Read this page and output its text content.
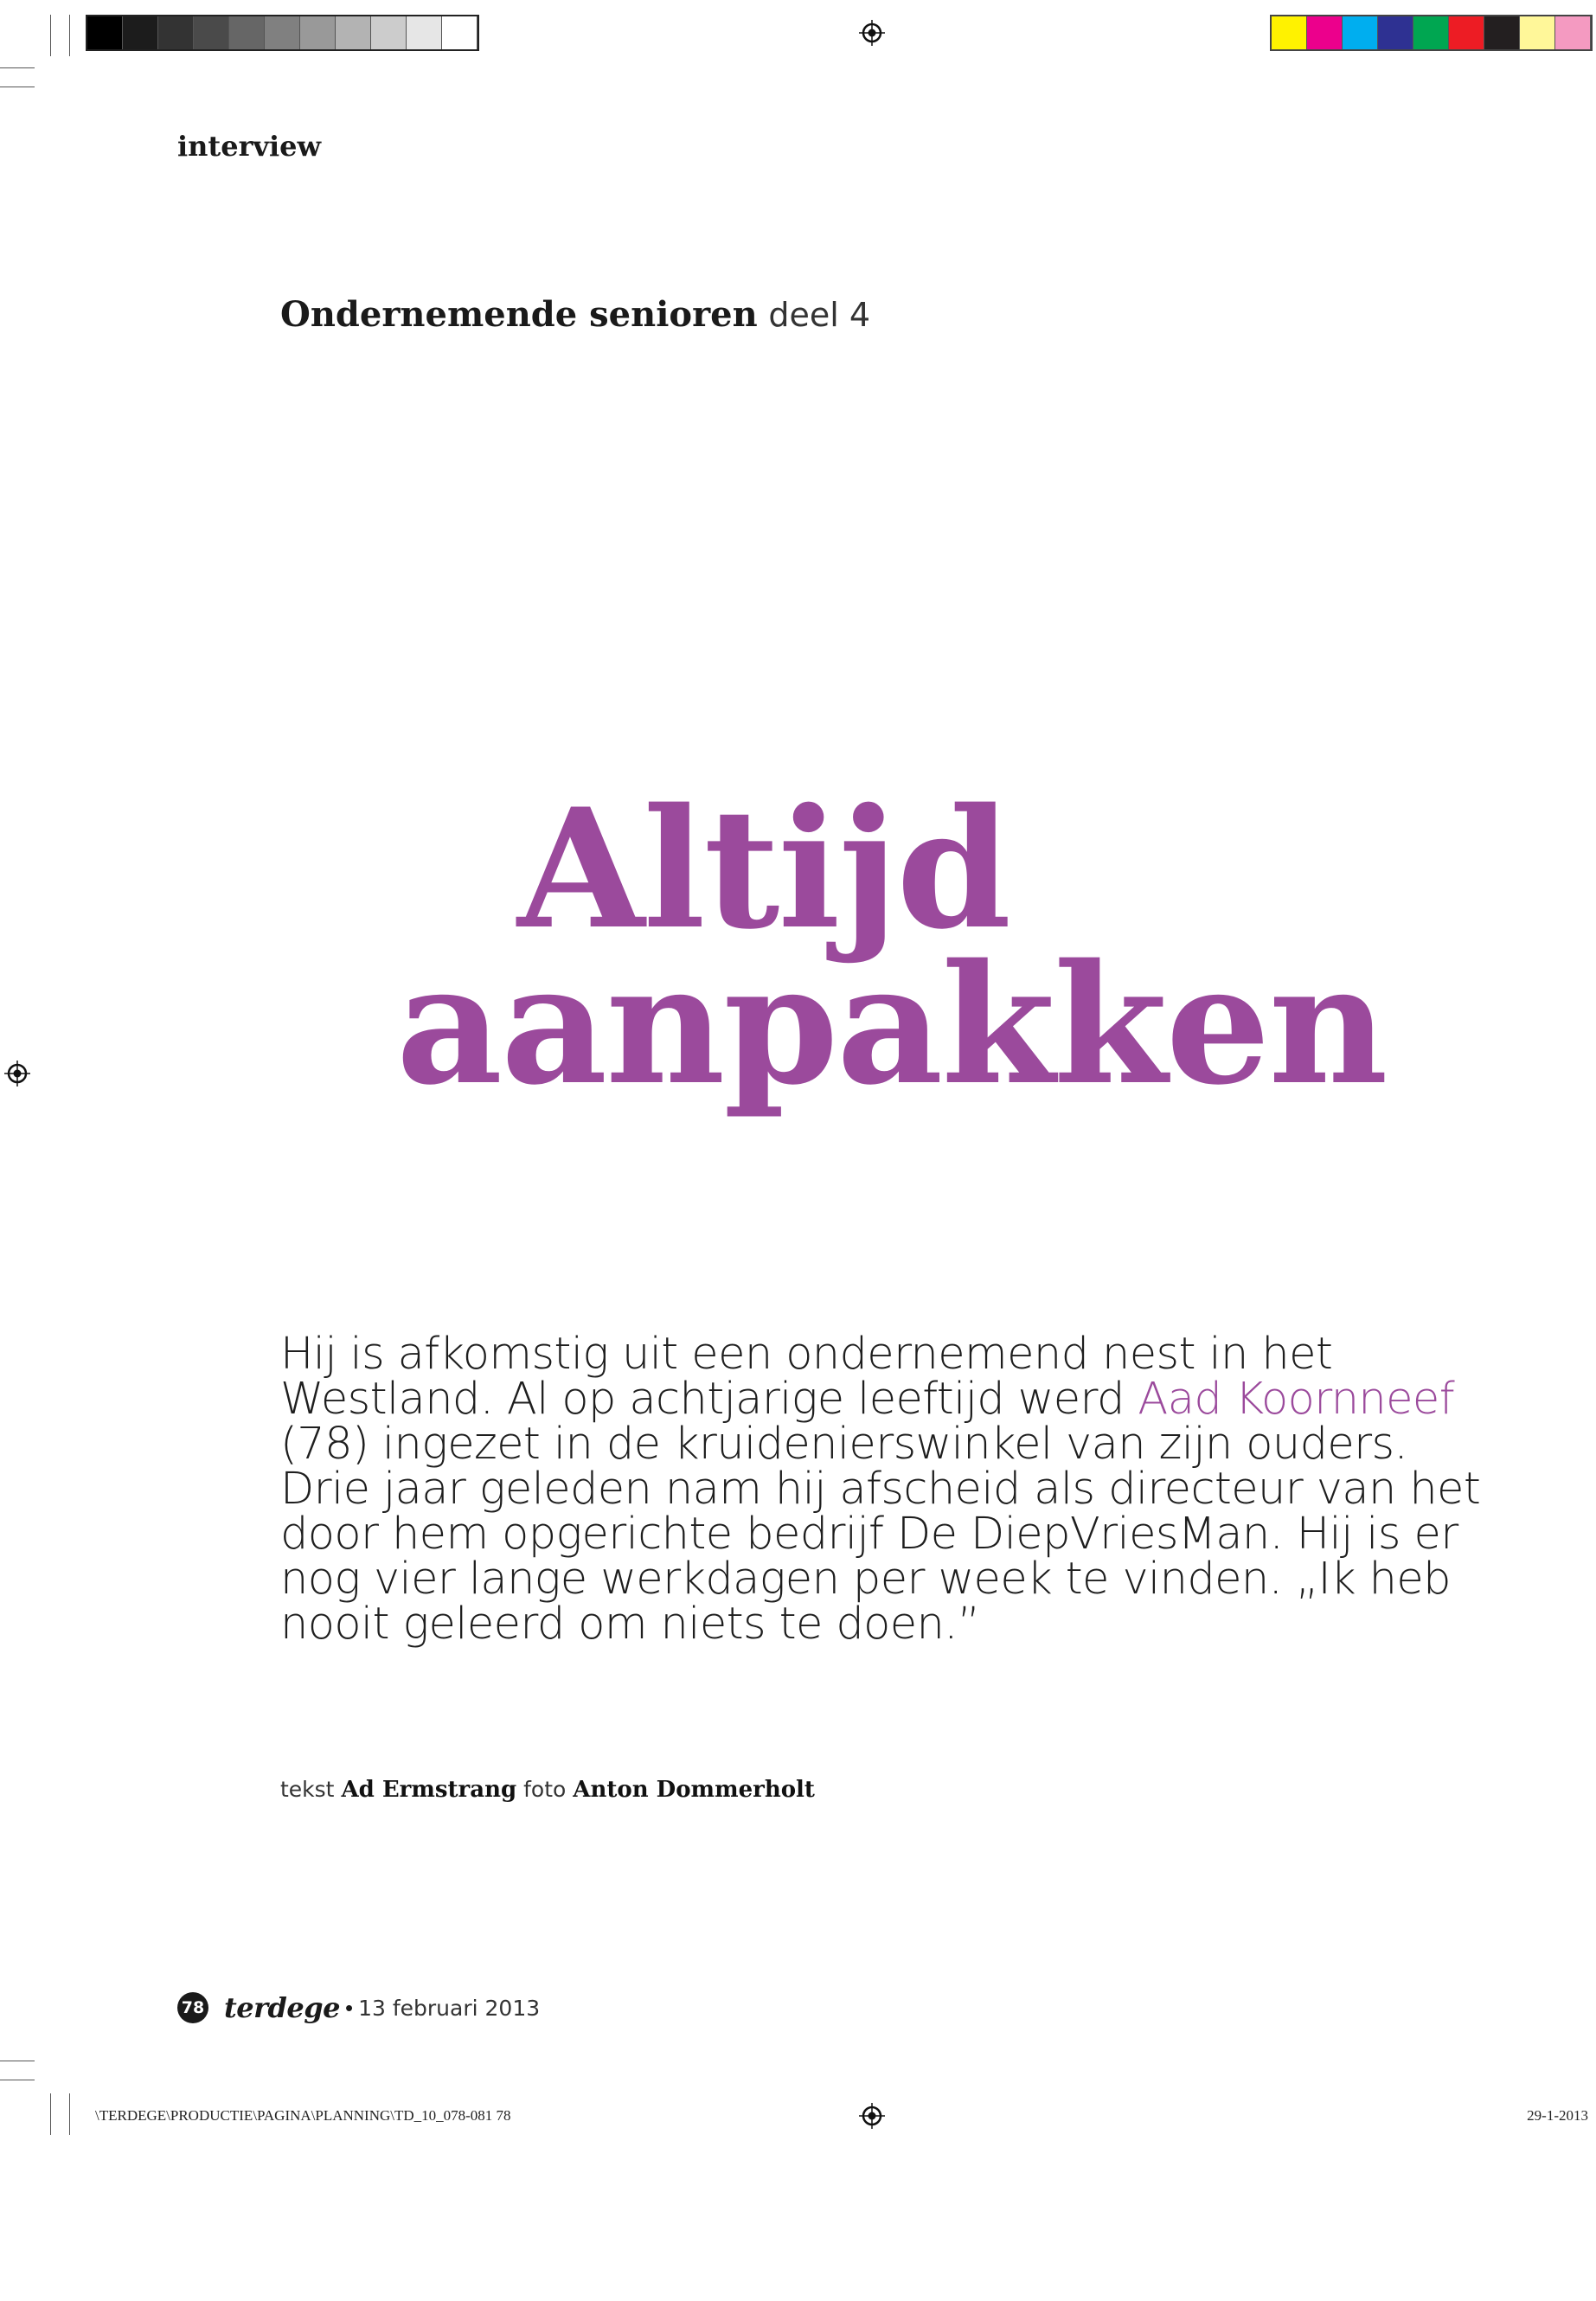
interview
Ondernemende senioren deel 4
Altijd
aanpakken

Hij is afkomstig uit een ondernemend nest in het Westland. Al op achtjarige leeftijd werd Aad Koornneef (78) ingezet in de kruidenierswinkel van zijn ouders. Drie jaar geleden nam hij afscheid als directeur van het door hem opgerichte bedrijf De DiepVriesMan. Hij is er nog vier lange werkdagen per week te vinden. „Ik heb nooit geleerd om niets te doen.”

tekst Ad Ermstrang foto Anton Dommerholt
78 terdege • 13 februari 2013
\TERDEGE\PRODUCTIE\PAGINA\PLANNING\TD_10_078-081 78	29-1-2013
